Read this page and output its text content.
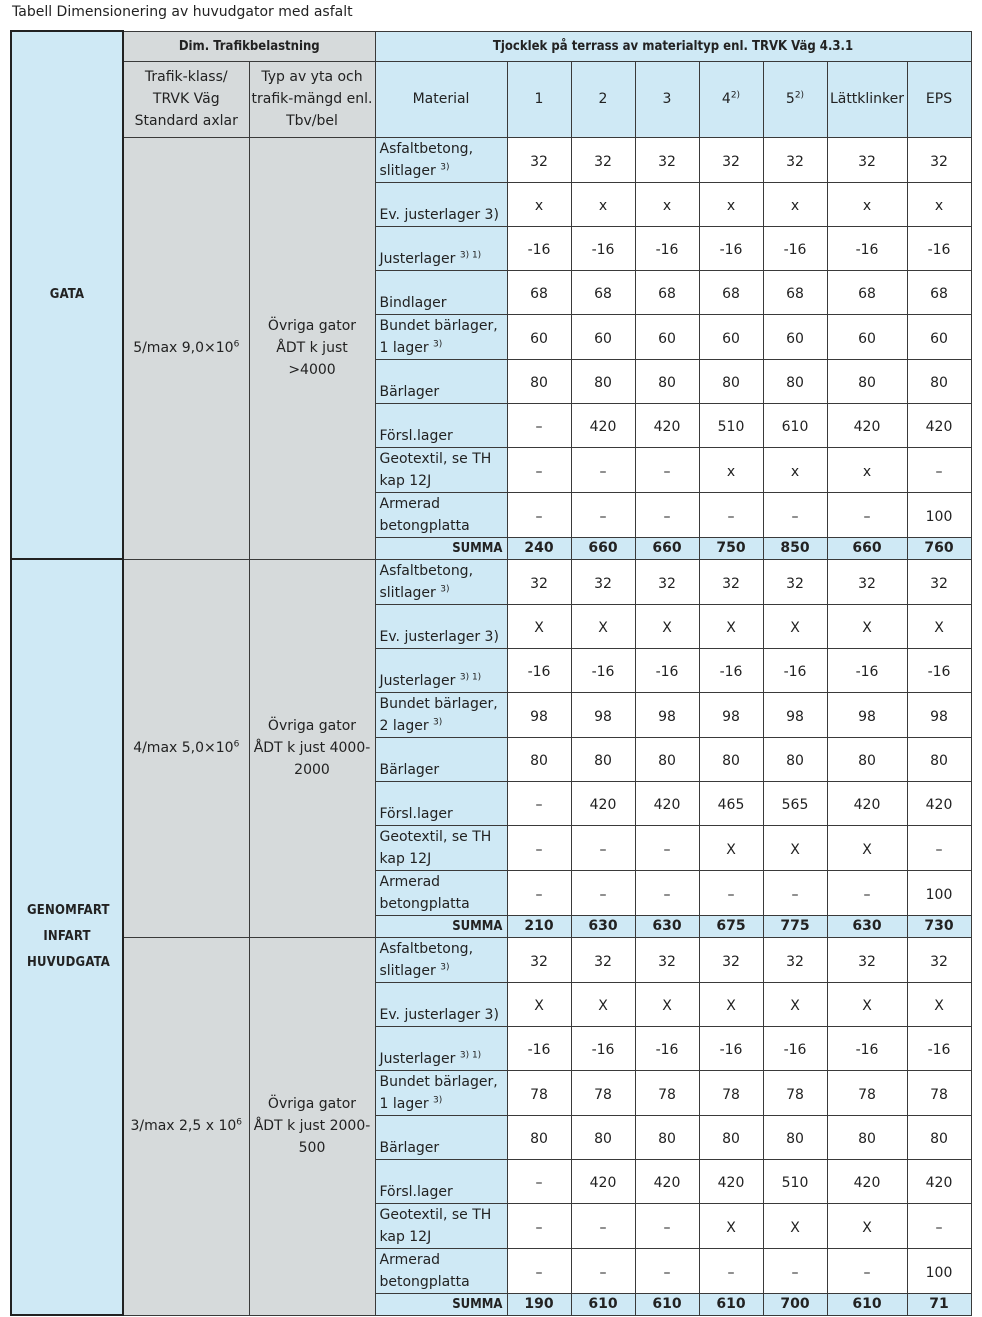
Tabell Dimensionering av huvudgator med asfalt
GATA	Dim. Trafikbelastning		Tjocklek på terrass av materialtyp enl. TRVK Väg 4.3.1							
	Trafik-klass/ TRVK Väg Standard axlar	Typ av yta och trafik-mängd enl. Tbv/bel	Material	1	2	3	4$^{2)}$	5$^{2)}$	Lättklinker	EPS
	5/max $9,0\times 10^6$	Övriga gator ÅDT k just >4000	Asfaltbetong, slitlager $^{3)}$	32	32	32	32	32	32	32
			Ev. justerlager 3)	x	x	x	x	x	x	x
			Justerlager $^{3) 1)}$	-16	-16	-16	-16	-16	-16	-16
			Bindlager	68	68	68	68	68	68	68
			Bundet bärlager, 1 lager $^{3)}$	60	60	60	60	60	60	60
			Bärlager	80	80	80	80	80	80	80
			Försl.lager	–	420	420	510	610	420	420
			Geotextil, se TH kap 12J	–	–	–	x	x	x	–
			Armerad betongplatta	–	–	–	–	–	–	100
			SUMMA	240	660	660	750	850	660	760
GENOMFART INFART HUVUDGATA	4/max $5,0\times 10^6$	Övriga gator ÅDT k just 4000-2000	Asfaltbetong, slitlager $^{3)}$	32	32	32	32	32	32	32
			Ev. justerlager 3)	X	X	X	X	X	X	X
			Justerlager $^{3) 1)}$	-16	-16	-16	-16	-16	-16	-16
			Bundet bärlager, 2 lager $^{3)}$	98	98	98	98	98	98	98
			Bärlager	80	80	80	80	80	80	80
			Försl.lager	–	420	420	465	565	420	420
			Geotextil, se TH kap 12J	–	–	–	X	X	X	–
			Armerad betongplatta	–	–	–	–	–	–	100
			SUMMA	210	630	630	675	775	630	730
	3/max 2,5 x $10^6$	Övriga gator ÅDT k just 2000-500	Asfaltbetong, slitlager $^{3)}$	32	32	32	32	32	32	32
			Ev. justerlager 3)	X	X	X	X	X	X	X
			Justerlager $^{3) 1)}$	-16	-16	-16	-16	-16	-16	-16
			Bundet bärlager, 1 lager $^{3)}$	78	78	78	78	78	78	78
			Bärlager	80	80	80	80	80	80	80
			Försl.lager	–	420	420	420	510	420	420
			Geotextil, se TH kap 12J	–	–	–	X	X	X	–
			Armerad betongplatta	–	–	–	–	–	–	100
			SUMMA	190	610	610	610	700	610	71
